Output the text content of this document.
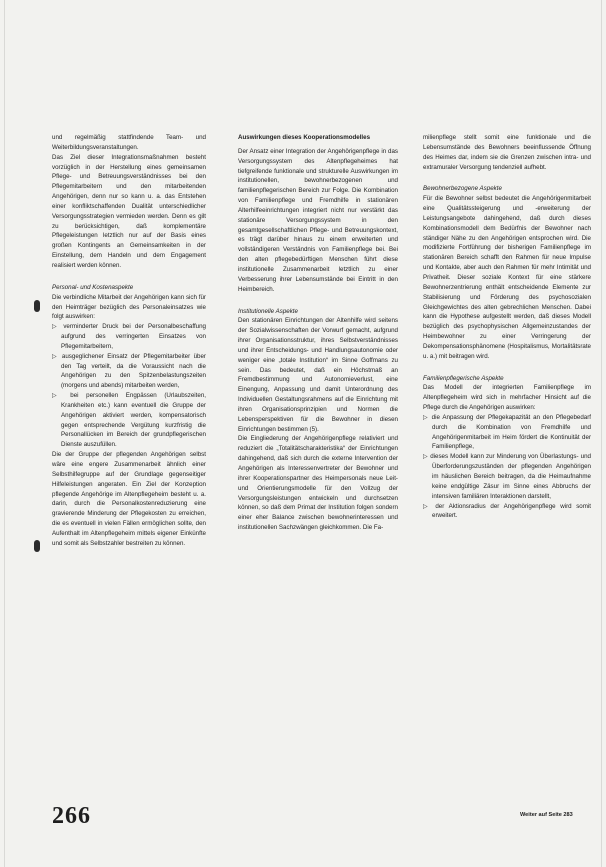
und regelmäßig stattfindende Team- und Weiterbildungsveranstaltungen.

Das Ziel dieser Integrationsmaßnahmen besteht vorzüglich in der Herstellung eines gemeinsamen Pflege- und Betreuungsverständnisses bei den Pflegemitarbeitern und den mitarbeitenden Angehörigen, denn nur so kann u. a. das Entstehen einer konfliktschaffenden Dualität unterschiedlicher Versorgungsstrategien vermieden werden. Denn es gilt zu berücksichtigen, daß komplementäre Pflegeleistungen letztlich nur auf der Basis eines großen Kontingents an Gemeinsamkeiten in der Einstellung, dem Handeln und dem Engagement realisiert werden können.

Personal- und Kostenaspekte

Die verbindliche Mitarbeit der Angehörigen kann sich für den Heimträger bezüglich des Personaleinsatzes wie folgt auswirken:

▷ verminderter Druck bei der Personalbeschaffung aufgrund des verringerten Einsatzes von Pflegemitarbeitern,

▷ ausgeglichener Einsatz der Pflegemitarbeiter über den Tag verteilt, da die Voraussicht nach die Angehörigen zu den Spitzenbelastungszeiten (morgens und abends) mitarbeiten werden,

▷ bei personellen Engpässen (Urlaubszeiten, Krankheiten etc.) kann eventuell die Gruppe der Angehörigen aktiviert werden, kompensatorisch gegen entsprechende Vergütung kurzfristig die Personallücken im Bereich der grundpflegerischen Dienste auszufüllen.

Die der Gruppe der pflegenden Angehörigen selbst wäre eine engere Zusammenarbeit ähnlich einer Selbsthilfegruppe auf der Grundlage gegenseitiger Hilfeleistungen angeraten. Ein Ziel der Konzeption pflegende Angehörige im Altenpflegeheim besteht u. a. darin, durch die Personalkostenreduzierung eine gravierende Minderung der Pflegekosten zu erreichen, die es eventuell in vielen Fällen ermöglichen sollte, den Aufenthalt im Altenpflegeheim mittels eigener Einkünfte und somit als Selbstzahler bestreiten zu können.

Auswirkungen dieses Kooperationsmodelles

Der Ansatz einer Integration der Angehörigenpflege in das Versorgungssystem des Altenpflegeheimes hat tiefgreifende funktionale und strukturelle Auswirkungen im institutionellen, bewohnerbezogenen und familienpflegerischen Bereich zur Folge. Die Kombination von Familienpflege und Fremdhilfe in stationären Alterhilfeeinrichtungen integriert nicht nur verstärkt das stationäre Versorgungssystem in den gesamtgesellschaftlichen Pflege- und Betreuungskontext, es trägt darüber hinaus zu einem erweiterten und vollständigeren Verständnis von Familienpflege bei. Bei den alten pflegebedürftigen Menschen führt diese institutionelle Zusammenarbeit letztlich zu einer Verbesserung ihrer Lebensumstände bei Eintritt in den Heimbereich.

Institutionelle Aspekte

Den stationären Einrichtungen der Altenhilfe wird seitens der Sozialwissenschaften der Vorwurf gemacht, aufgrund ihrer Organisationsstruktur, ihres Selbstverständnisses und ihrer Entscheidungs- und Handlungsautonomie oder weniger eine „totale Institution“ im Sinne Goffmans zu sein. Das bedeutet, daß ein Höchstmaß an Fremdbestimmung und Autonomieverlust, eine Einengung, Anpassung und damit Unterordnung des Individuellen Gestaltungsrahmens auf die Einrichtung mit ihren Organisationsprinzipien und Normen die Lebensperspektiven für die Bewohner in diesen Einrichtungen bestimmen (5).

Die Eingliederung der Angehörigenpflege relativiert und reduziert die „Totalitätscharakteristika“ der Einrichtungen dahingehend, daß sich durch die externe Intervention der Angehörigen als Interessenvertreter der Bewohner und ihrer Kooperationspartner des Heimpersonals neue Leit- und Orientierungsmodelle für den Vollzug der Versorgungsleistungen entwickeln und durchsetzen können, so daß dem Primat der Institution folgen sondern einer eher Balance zwischen bewohnerinteressen und institutionellen Sachzwängen gleichkommen. Die Fa-

milienpflege stellt somit eine funktionale und die Lebensumstände des Bewohners beeinflussende Öffnung des Heimes dar, indem sie die Grenzen zwischen intra- und extramuraler Versorgung tendenziell aufhebt.

Bewohnerbezogene Aspekte

Für die Bewohner selbst bedeutet die Angehörigenmitarbeit eine Qualitätssteigerung und -erweiterung der Leistungsangebote dahingehend, daß durch dieses Kombinationsmodell dem Bedürfnis der Bewohner nach ständiger Nähe zu den Angehörigen entsprochen wird. Die modifizierte Fortführung der bisherigen Familienpflege im stationären Bereich schafft den Rahmen für neue Impulse und Kontakte, aber auch den Rahmen für mehr Intimität und Privatheit. Dieser soziale Kontext für eine stärkere Bewohnerzentrierung enthält entscheidende Elemente zur Stabilisierung und Förderung des psychosozialen Gleichgewichtes des alten gebrechlichen Menschen. Dabei kann die Hypothese aufgestellt werden, daß dieses Modell bezüglich des psychophysischen Allgemeinzustandes der Heimbewohner zu einer Verringerung der Dekompensationsphänomene (Hospitalismus, Mortalitätsrate u. a.) mit beitragen wird.

Familienpflegerische Aspekte

Das Modell der integrierten Familienpflege im Altenpflegeheim wird sich in mehrfacher Hinsicht auf die Pflege durch die Angehörigen auswirken:

▷ die Anpassung der Pflegekapazität an den Pflegebedarf durch die Kombination von Fremdhilfe und Angehörigenmitarbeit im Heim fördert die Kontinuität der Familienpflege,

▷ dieses Modell kann zur Minderung von Überlastungs- und Überforderungszuständen der pflegenden Angehörigen im häuslichen Bereich beitragen, da die Heimaufnahme keine endgültige Zäsur im Sinne eines Abbruchs der intensiven familiären Interaktionen darstellt,

▷ der Aktionsradius der Angehörigenpflege wird somit erweitert.

266	Weiter auf Seite 283
